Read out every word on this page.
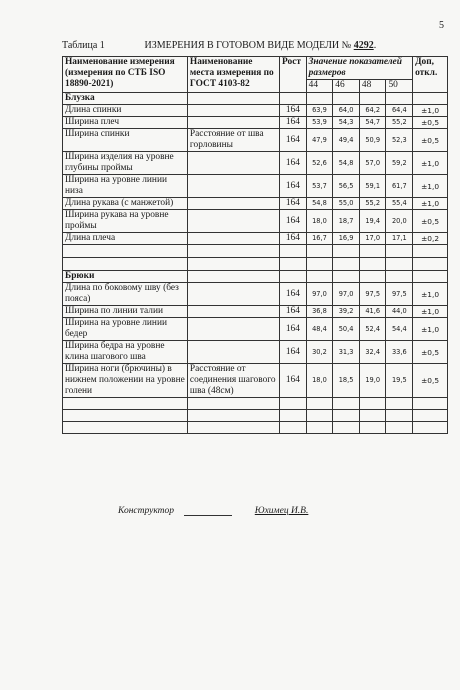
5
Таблица 1	ИЗМЕРЕНИЯ В ГОТОВОМ ВИДЕ МОДЕЛИ № 4292.
Наименование измерения (измерения по СТБ ISO 18890-2021)	Наименование места измерения по ГОСТ 4103-82	Рост	Значение показателей размеров				Доп, откл.
			44	46	48	50	
Блузка							
Длина спинки		164	63,9	64,0	64,2	64,4	±1,0
Ширина плеч		164	53,9	54,3	54,7	55,2	±0,5
Ширина спинки	Расстояние от шва горловины	164	47,9	49,4	50,9	52,3	±0,5
Ширина изделия на уровне глубины проймы		164	52,6	54,8	57,0	59,2	±1,0
Ширина на уровне линии низа		164	53,7	56,5	59,1	61,7	±1,0
Длина рукава (с манжетой)		164	54,8	55,0	55,2	55,4	±1,0
Ширина рукава на уровне проймы		164	18,0	18,7	19,4	20,0	±0,5
Длина плеча		164	16,7	16,9	17,0	17,1	±0,2

Брюки							
Длина по боковому шву (без пояса)		164	97,0	97,0	97,5	97,5	±1,0
Ширина по линии талии		164	36,8	39,2	41,6	44,0	±1,0
Ширина на уровне линии бедер		164	48,4	50,4	52,4	54,4	±1,0
Ширина бедра на уровне клина шагового шва		164	30,2	31,3	32,4	33,6	±0,5
Ширина ноги (брючины) в нижнем положении на уровне голени	Расстояние от соединения шагового шва (48см)	164	18,0	18,5	19,0	19,5	±0,5

Конструктор	Юхимец И.В.
